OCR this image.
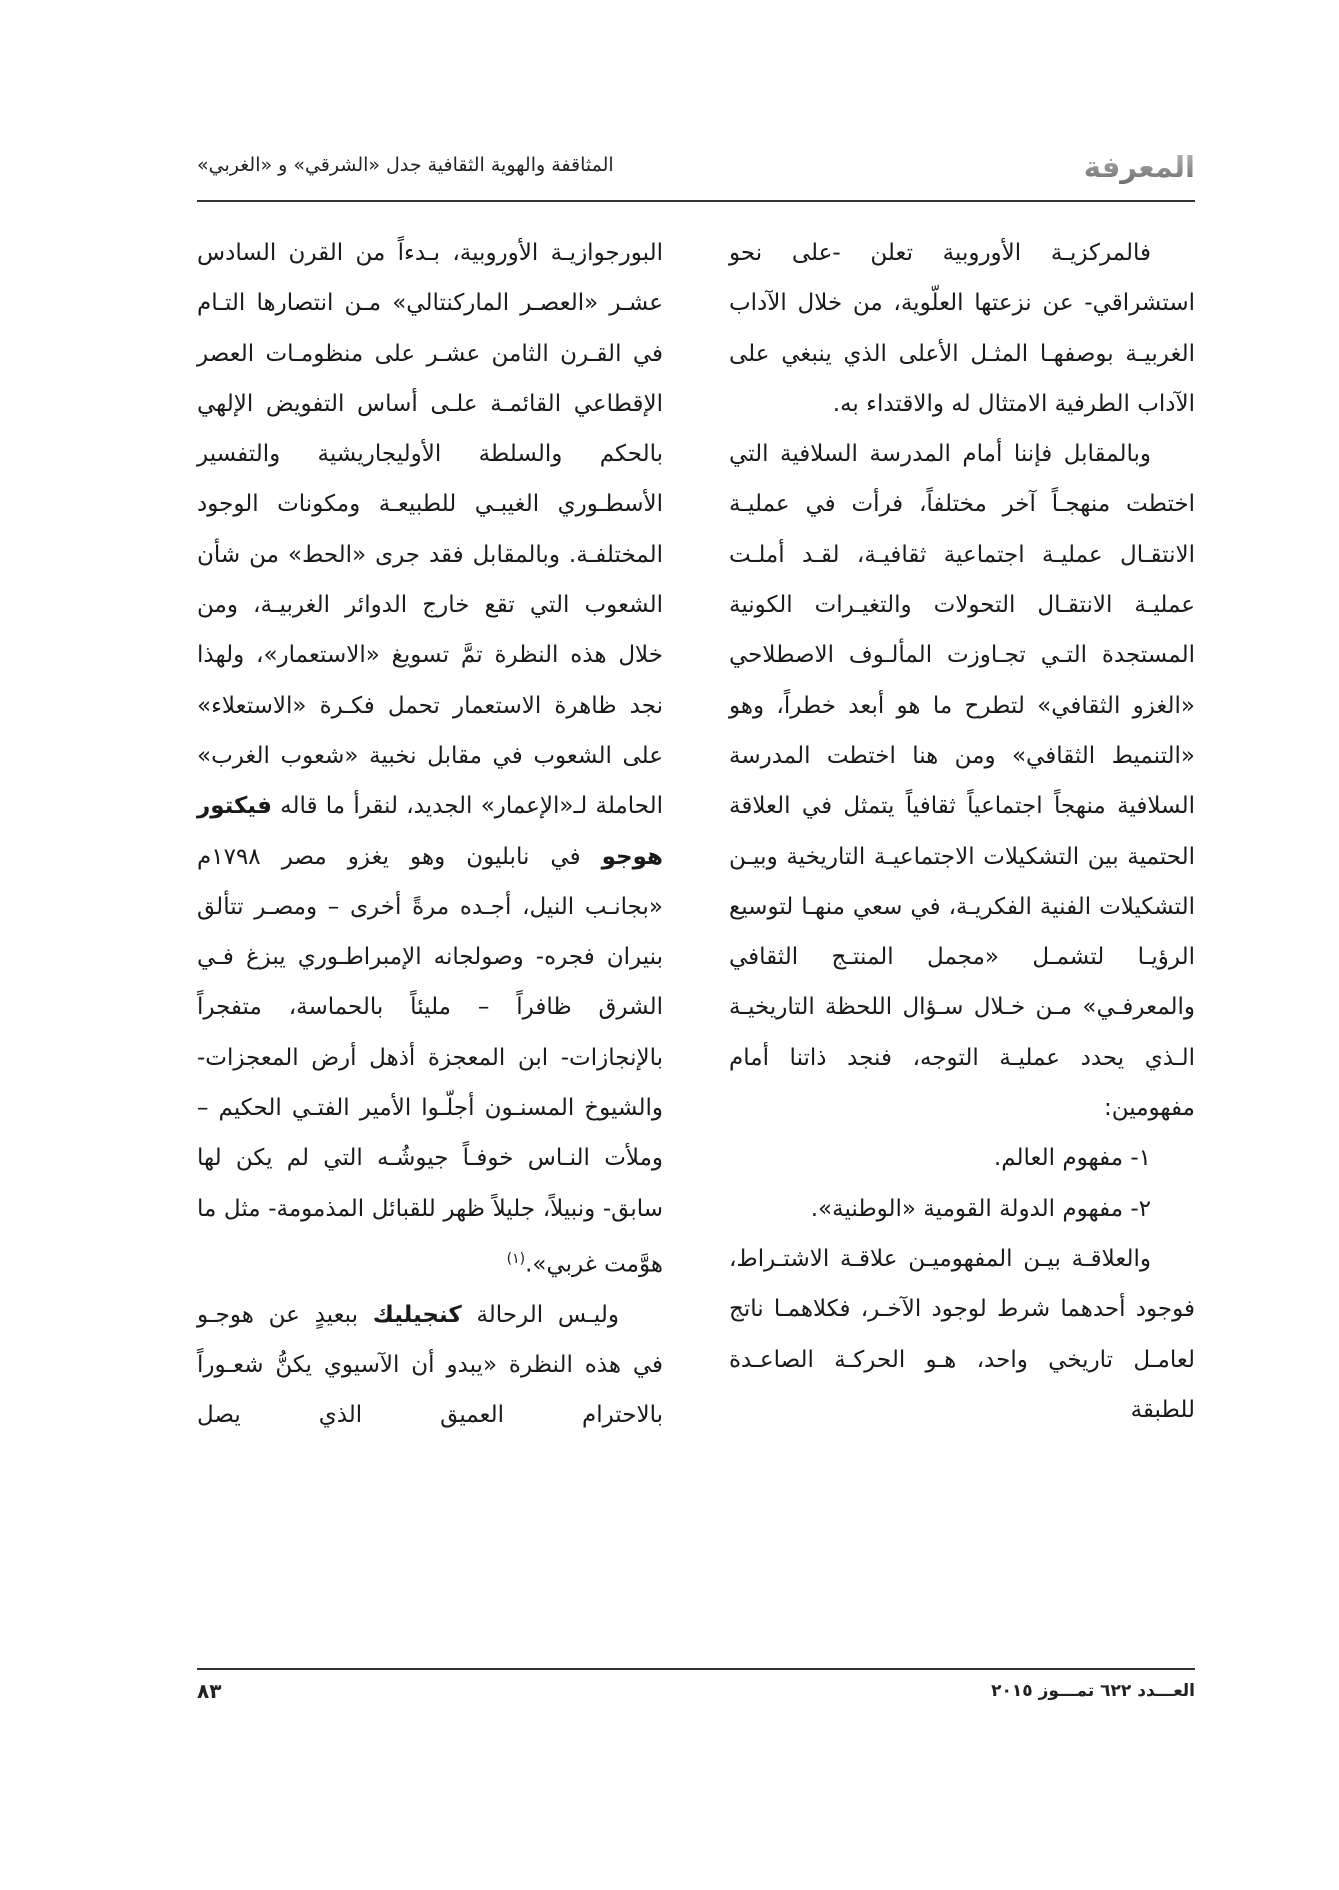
المعرفة
المثاقفة والهوية الثقافية جدل «الشرقي» و «الغربي»

فالمركزيـة الأوروبية تعلن -على نحو استشراقي- عن نزعتها العلّوية، من خلال الآداب الغربيـة بوصفهـا المثـل الأعلى الذي ينبغي على الآداب الطرفية الامتثال له والاقتداء به.

وبالمقابل فإننا أمام المدرسة السلافية التي اختطت منهجـاً آخر مختلفاً، فرأت في عمليـة الانتقـال عمليـة اجتماعية ثقافيـة، لقـد أملـت عمليـة الانتقـال التحولات والتغيـرات الكونية المستجدة التـي تجـاوزت المألـوف الاصطلاحي «الغزو الثقافي» لتطرح ما هو أبعد خطراً، وهو «التنميط الثقافي» ومن هنا اختطت المدرسة السلافية منهجاً اجتماعياً ثقافياً يتمثل في العلاقة الحتمية بين التشكيلات الاجتماعيـة التاريخية وبيـن التشكيلات الفنية الفكريـة، في سعي منهـا لتوسيع الرؤيـا لتشمـل «مجمل المنتـج الثقافي والمعرفـي» مـن خـلال سـؤال اللحظة التاريخيـة الـذي يحدد عمليـة التوجه، فنجد ذاتنا أمام مفهومين:

١- مفهوم العالم.

٢- مفهوم الدولة القومية «الوطنية».

والعلاقـة بيـن المفهوميـن علاقـة الاشتـراط، فوجود أحدهما شرط لوجود الآخـر، فكلاهمـا ناتج لعامـل تاريخي واحد، هـو الحركـة الصاعـدة للطبقة

البورجوازيـة الأوروبية، بـدءاً من القرن السادس عشـر «العصـر الماركنتالي» مـن انتصارها التـام في القـرن الثامن عشـر على منظومـات العصر الإقطاعي القائمـة علـى أساس التفويض الإلهي بالحكم والسلطة الأوليجاريشية والتفسير الأسطـوري الغيبـي للطبيعـة ومكونات الوجود المختلفـة. وبالمقابل فقد جرى «الحط» من شأن الشعوب التي تقع خارج الدوائر الغربيـة، ومن خلال هذه النظرة تمَّ تسويغ «الاستعمار»، ولهذا نجد ظاهرة الاستعمار تحمل فكـرة «الاستعلاء» على الشعوب في مقابل نخبية «شعوب الغرب» الحاملة لـ«الإعمار» الجديد، لنقرأ ما قاله فيكتور هوجو في نابليون وهو يغزو مصر ١٧٩٨م «بجانـب النيل، أجـده مرةً أخرى – ومصـر تتألق بنيران فجره- وصولجانه الإمبراطـوري يبزغ فـي الشرق ظافراً – مليئاً بالحماسة، متفجراً بالإنجازات- ابن المعجزة أذهل أرض المعجزات- والشيوخ المسنـون أجلّـوا الأمير الفتـي الحكيم – وملأت النـاس خوفـاً جيوشُـه التي لم يكن لها سابق- ونبيلاً، جليلاً ظهر للقبائل المذمومة- مثل ما هوَّمت غربي».$^{(١)}$

وليـس الرحالة كنجيليك ببعيدٍ عن هوجـو في هذه النظرة «يبدو أن الآسيوي يكنُّ شعـوراً بالاحترام العميق الذي يصل

العـــدد ٦٢٢ تمـــوز ٢٠١٥
٨٣
